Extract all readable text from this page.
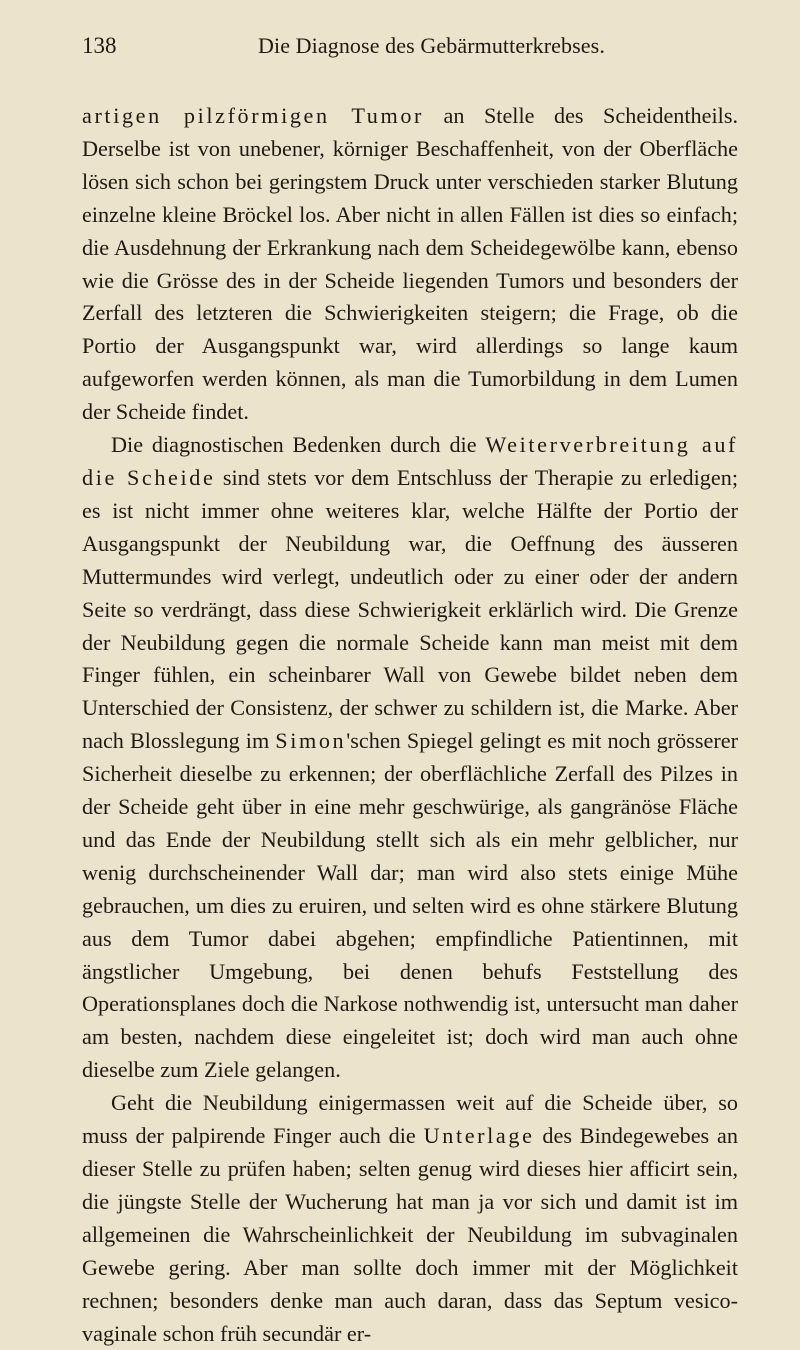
138	Die Diagnose des Gebärmutterkrebses.

artigen pilzförmigen Tumor an Stelle des Scheidentheils. Derselbe ist von unebener, körniger Beschaffenheit, von der Oberfläche lösen sich schon bei geringstem Druck unter verschieden starker Blutung einzelne kleine Bröckel los. Aber nicht in allen Fällen ist dies so einfach; die Ausdehnung der Erkrankung nach dem Scheidegewölbe kann, ebenso wie die Grösse des in der Scheide liegenden Tumors und besonders der Zerfall des letzteren die Schwierigkeiten steigern; die Frage, ob die Portio der Ausgangspunkt war, wird allerdings so lange kaum aufgeworfen werden können, als man die Tumorbildung in dem Lumen der Scheide findet.

Die diagnostischen Bedenken durch die Weiterverbreitung auf die Scheide sind stets vor dem Entschluss der Therapie zu erledigen; es ist nicht immer ohne weiteres klar, welche Hälfte der Portio der Ausgangspunkt der Neubildung war, die Oeffnung des äusseren Muttermundes wird verlegt, undeutlich oder zu einer oder der andern Seite so verdrängt, dass diese Schwierigkeit erklärlich wird. Die Grenze der Neubildung gegen die normale Scheide kann man meist mit dem Finger fühlen, ein scheinbarer Wall von Gewebe bildet neben dem Unterschied der Consistenz, der schwer zu schildern ist, die Marke. Aber nach Blosslegung im Simon'schen Spiegel gelingt es mit noch grösserer Sicherheit dieselbe zu erkennen; der oberflächliche Zerfall des Pilzes in der Scheide geht über in eine mehr geschwürige, als gangränöse Fläche und das Ende der Neubildung stellt sich als ein mehr gelblicher, nur wenig durchscheinender Wall dar; man wird also stets einige Mühe gebrauchen, um dies zu eruiren, und selten wird es ohne stärkere Blutung aus dem Tumor dabei abgehen; empfindliche Patientinnen, mit ängstlicher Umgebung, bei denen behufs Feststellung des Operationsplanes doch die Narkose nothwendig ist, untersucht man daher am besten, nachdem diese eingeleitet ist; doch wird man auch ohne dieselbe zum Ziele gelangen.

Geht die Neubildung einigermassen weit auf die Scheide über, so muss der palpirende Finger auch die Unterlage des Bindegewebes an dieser Stelle zu prüfen haben; selten genug wird dieses hier afficirt sein, die jüngste Stelle der Wucherung hat man ja vor sich und damit ist im allgemeinen die Wahrscheinlichkeit der Neubildung im subvaginalen Gewebe gering. Aber man sollte doch immer mit der Möglichkeit rechnen; besonders denke man auch daran, dass das Septum vesico-vaginale schon früh secundär er-
